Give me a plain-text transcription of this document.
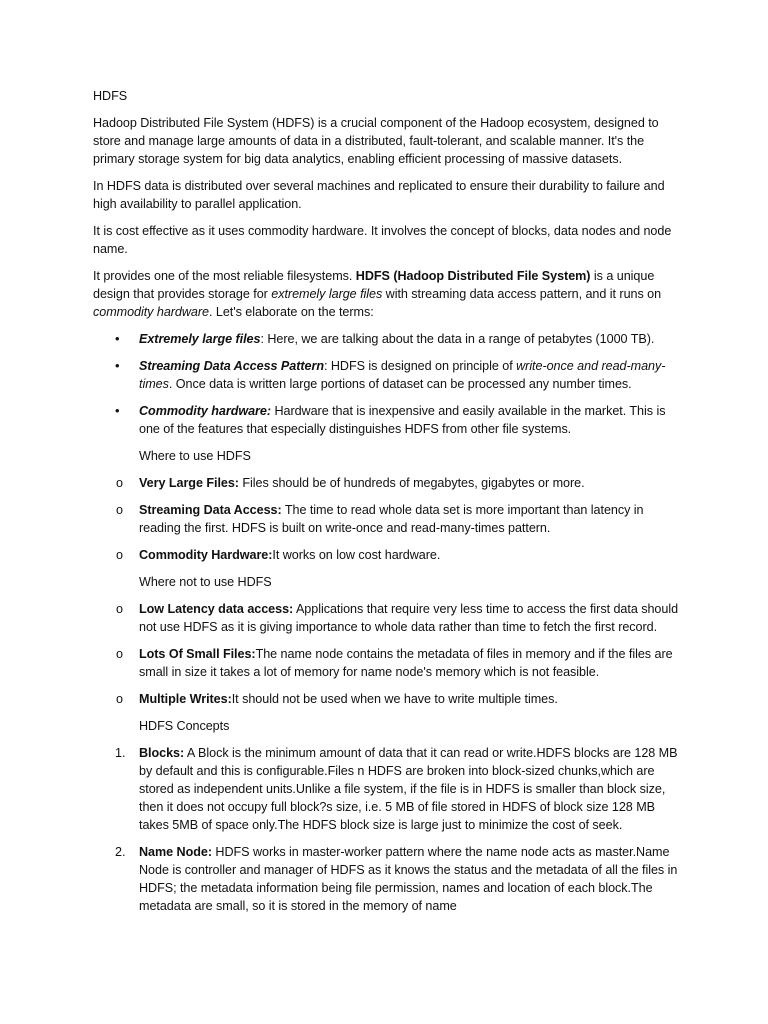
HDFS

Hadoop Distributed File System (HDFS) is a crucial component of the Hadoop ecosystem, designed to store and manage large amounts of data in a distributed, fault-tolerant, and scalable manner. It's the primary storage system for big data analytics, enabling efficient processing of massive datasets.

In HDFS data is distributed over several machines and replicated to ensure their durability to failure and high availability to parallel application.

It is cost effective as it uses commodity hardware. It involves the concept of blocks, data nodes and node name.

It provides one of the most reliable filesystems. HDFS (Hadoop Distributed File System) is a unique design that provides storage for extremely large files with streaming data access pattern, and it runs on commodity hardware. Let's elaborate on the terms:

•	Extremely large files: Here, we are talking about the data in a range of petabytes (1000 TB).
•	Streaming Data Access Pattern: HDFS is designed on principle of write-once and read-many-times. Once data is written large portions of dataset can be processed any number times.
•	Commodity hardware: Hardware that is inexpensive and easily available in the market. This is one of the features that especially distinguishes HDFS from other file systems.

Where to use HDFS

o	Very Large Files: Files should be of hundreds of megabytes, gigabytes or more.
o	Streaming Data Access: The time to read whole data set is more important than latency in reading the first. HDFS is built on write-once and read-many-times pattern.
o	Commodity Hardware:It works on low cost hardware.

Where not to use HDFS

o	Low Latency data access: Applications that require very less time to access the first data should not use HDFS as it is giving importance to whole data rather than time to fetch the first record.
o	Lots Of Small Files:The name node contains the metadata of files in memory and if the files are small in size it takes a lot of memory for name node's memory which is not feasible.
o	Multiple Writes:It should not be used when we have to write multiple times.

HDFS Concepts

1.	Blocks: A Block is the minimum amount of data that it can read or write.HDFS blocks are 128 MB by default and this is configurable.Files n HDFS are broken into block-sized chunks,which are stored as independent units.Unlike a file system, if the file is in HDFS is smaller than block size, then it does not occupy full block?s size, i.e. 5 MB of file stored in HDFS of block size 128 MB takes 5MB of space only.The HDFS block size is large just to minimize the cost of seek.
2.	Name Node: HDFS works in master-worker pattern where the name node acts as master.Name Node is controller and manager of HDFS as it knows the status and the metadata of all the files in HDFS; the metadata information being file permission, names and location of each block.The metadata are small, so it is stored in the memory of name
